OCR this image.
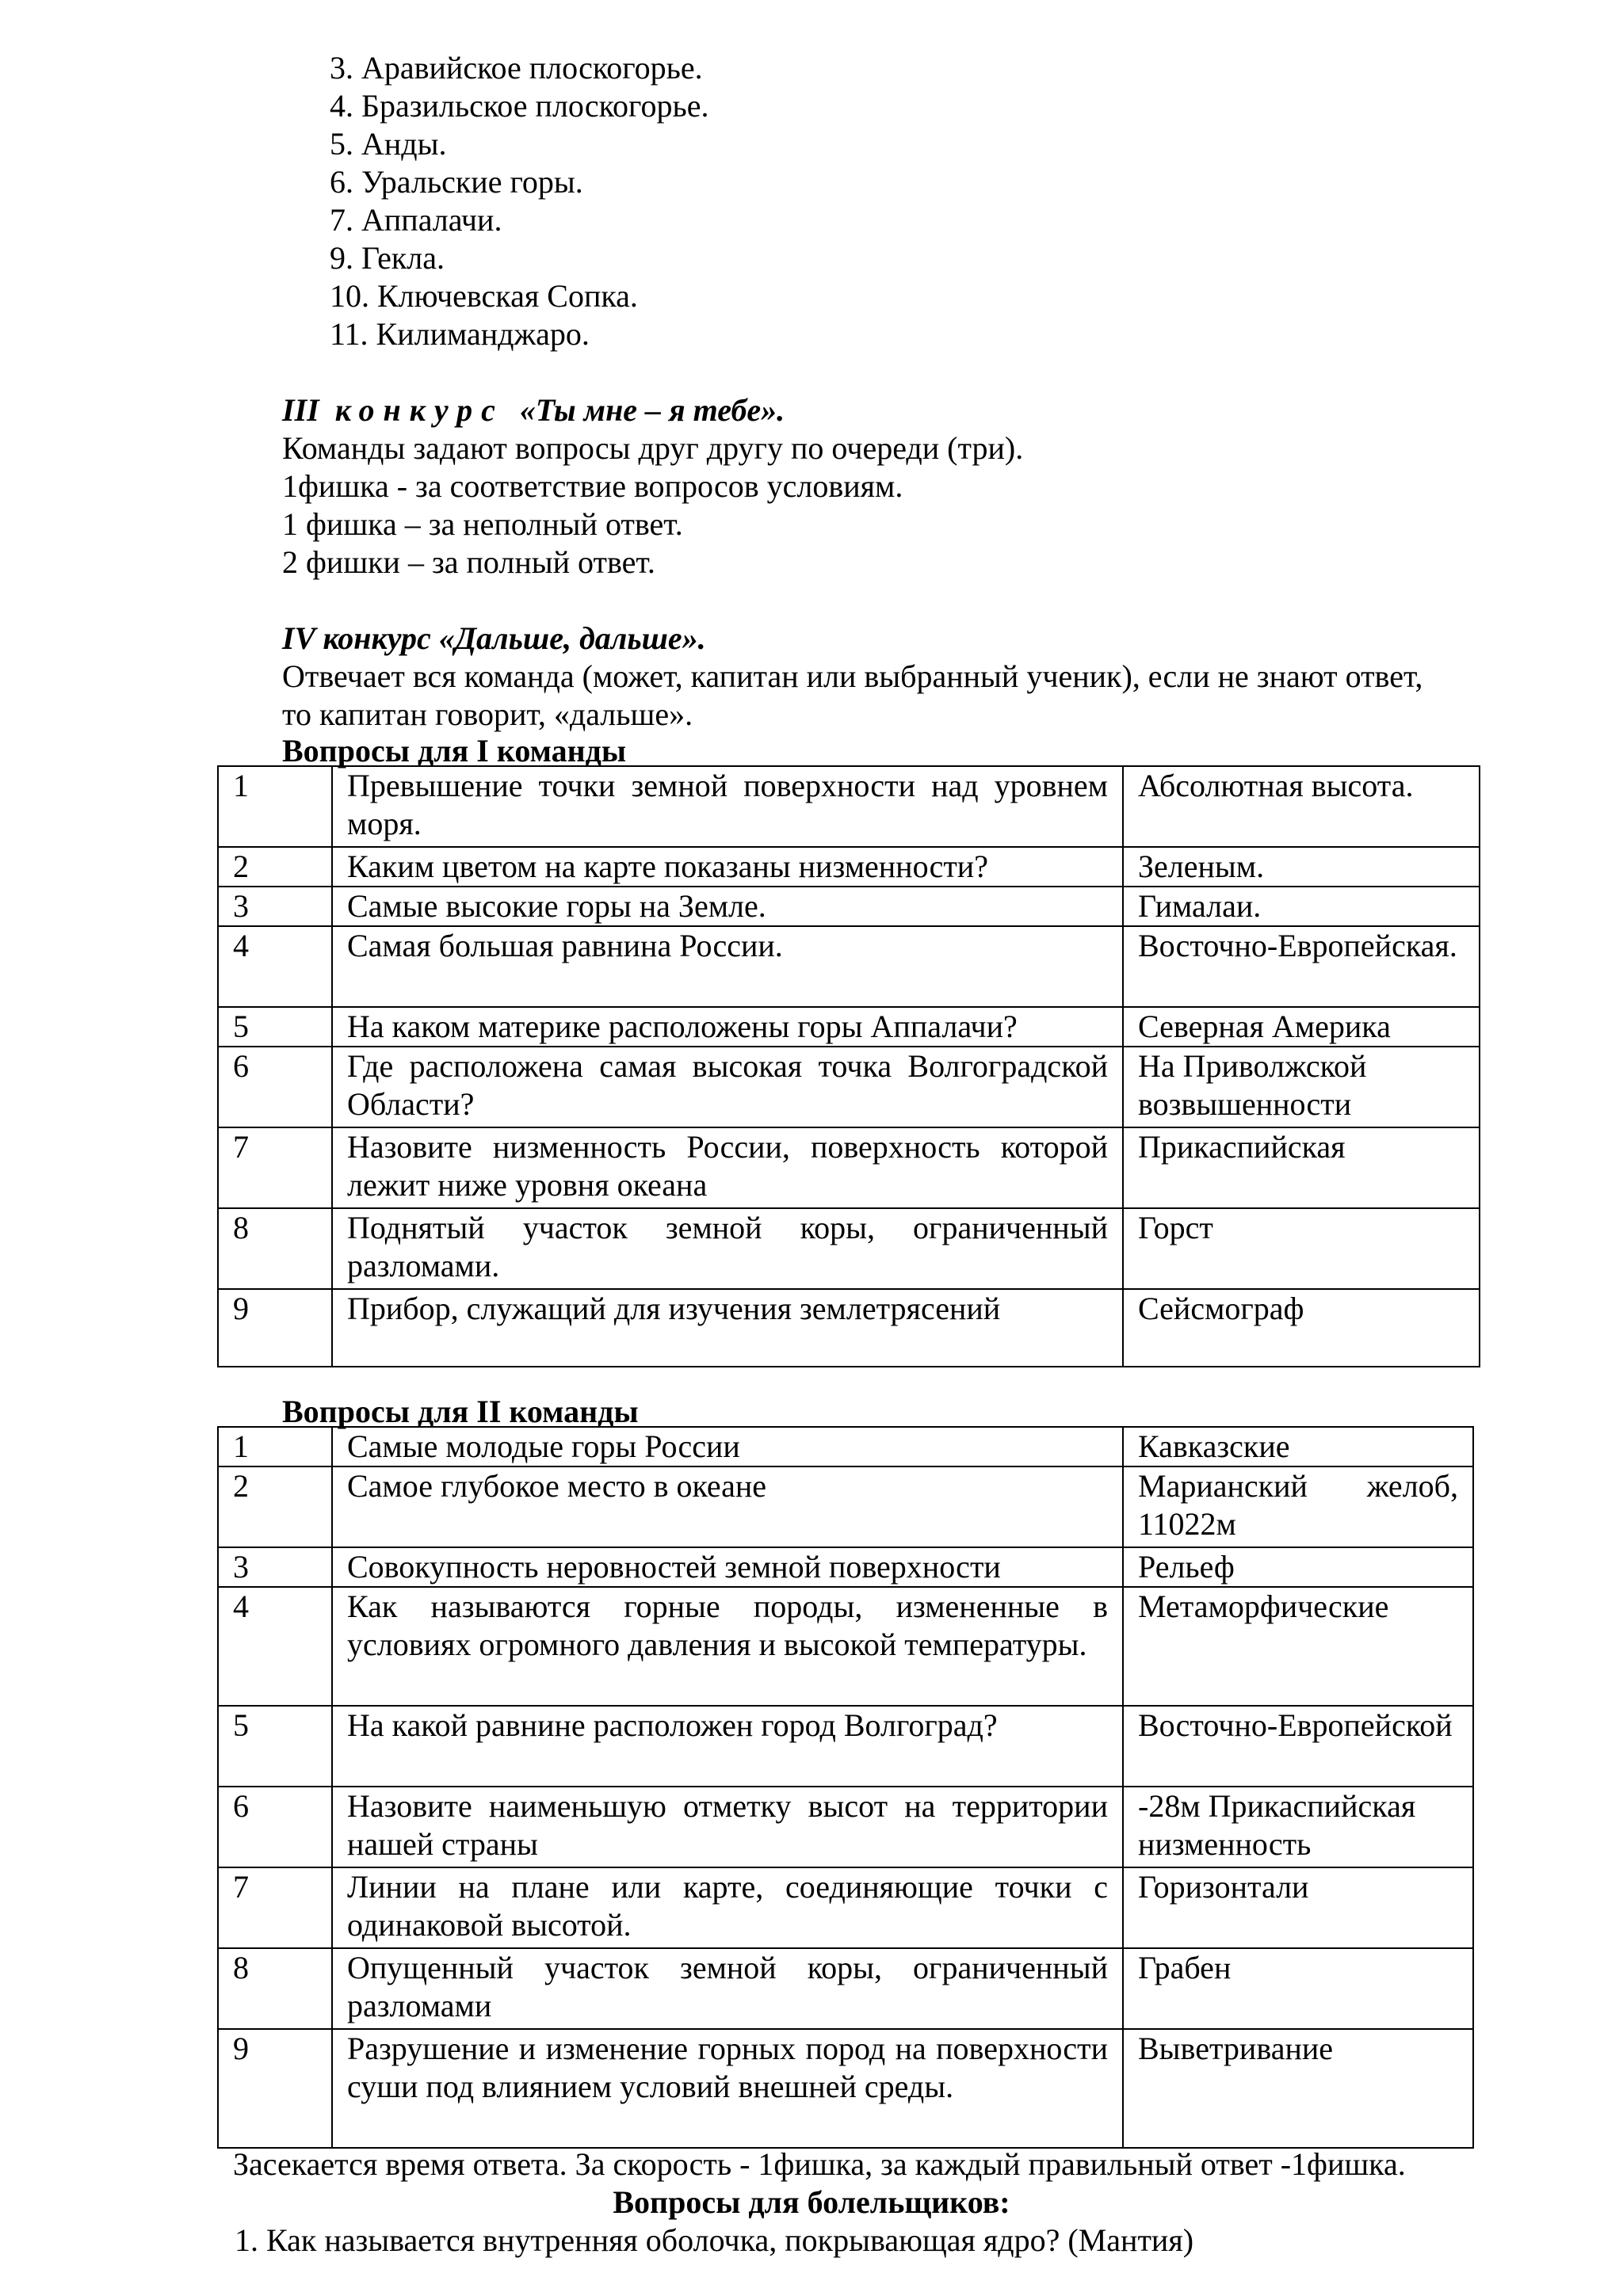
3. Аравийское плоскогорье.
4. Бразильское плоскогорье.
5. Анды.
6. Уральские горы.
7. Аппалачи.
9. Гекла.
10. Ключевская Сопка.
11. Килиманджаро.

III конкурс «Ты мне – я тебе».

Команды задают вопросы друг другу по очереди (три).

1фишка - за соответствие вопросов условиям.

1 фишка – за неполный ответ.

2 фишки – за полный ответ.

IV конкурс «Дальше, дальше».

Отвечает вся команда (может, капитан или выбранный ученик), если не знают ответ,

то капитан говорит, «дальше».

Вопросы для I команды
1	Превышение точки земной поверхности над уровнем моря.	Абсолютная высота.
2	Каким цветом на карте показаны низменности?	Зеленым.
3	Самые высокие горы на Земле.	Гималаи.
4	Самая большая равнина России.	Восточно-Европейская.
5	На каком материке расположены горы Аппалачи?	Северная Америка
6	Где расположена самая высокая точка Волгоградской Области?	На Приволжской возвышенности
7	Назовите низменность России, поверхность которой лежит ниже уровня океана	Прикаспийская
8	Поднятый участок земной коры, ограниченный разломами.	Горст
9	Прибор, служащий для изучения землетрясений	Сейсмограф
Вопросы для II команды
1	Самые молодые горы России	Кавказские
2	Самое глубокое место в океане	Марианский желоб, 11022м
3	Совокупность неровностей земной поверхности	Рельеф
4	Как называются горные породы, измененные в условиях огромного давления и высокой температуры.	Метаморфические
5	На какой равнине расположен город Волгоград?	Восточно-Европейской
6	Назовите наименьшую отметку высот на территории нашей страны	-28м Прикаспийская низменность
7	Линии на плане или карте, соединяющие точки с одинаковой высотой.	Горизонтали
8	Опущенный участок земной коры, ограниченный разломами	Грабен
9	Разрушение и изменение горных пород на поверхности суши под влиянием условий внешней среды.	Выветривание
Засекается время ответа. За скорость - 1фишка, за каждый правильный ответ -1фишка.
Вопросы для болельщиков:
1. Как называется внутренняя оболочка, покрывающая ядро? (Мантия)
